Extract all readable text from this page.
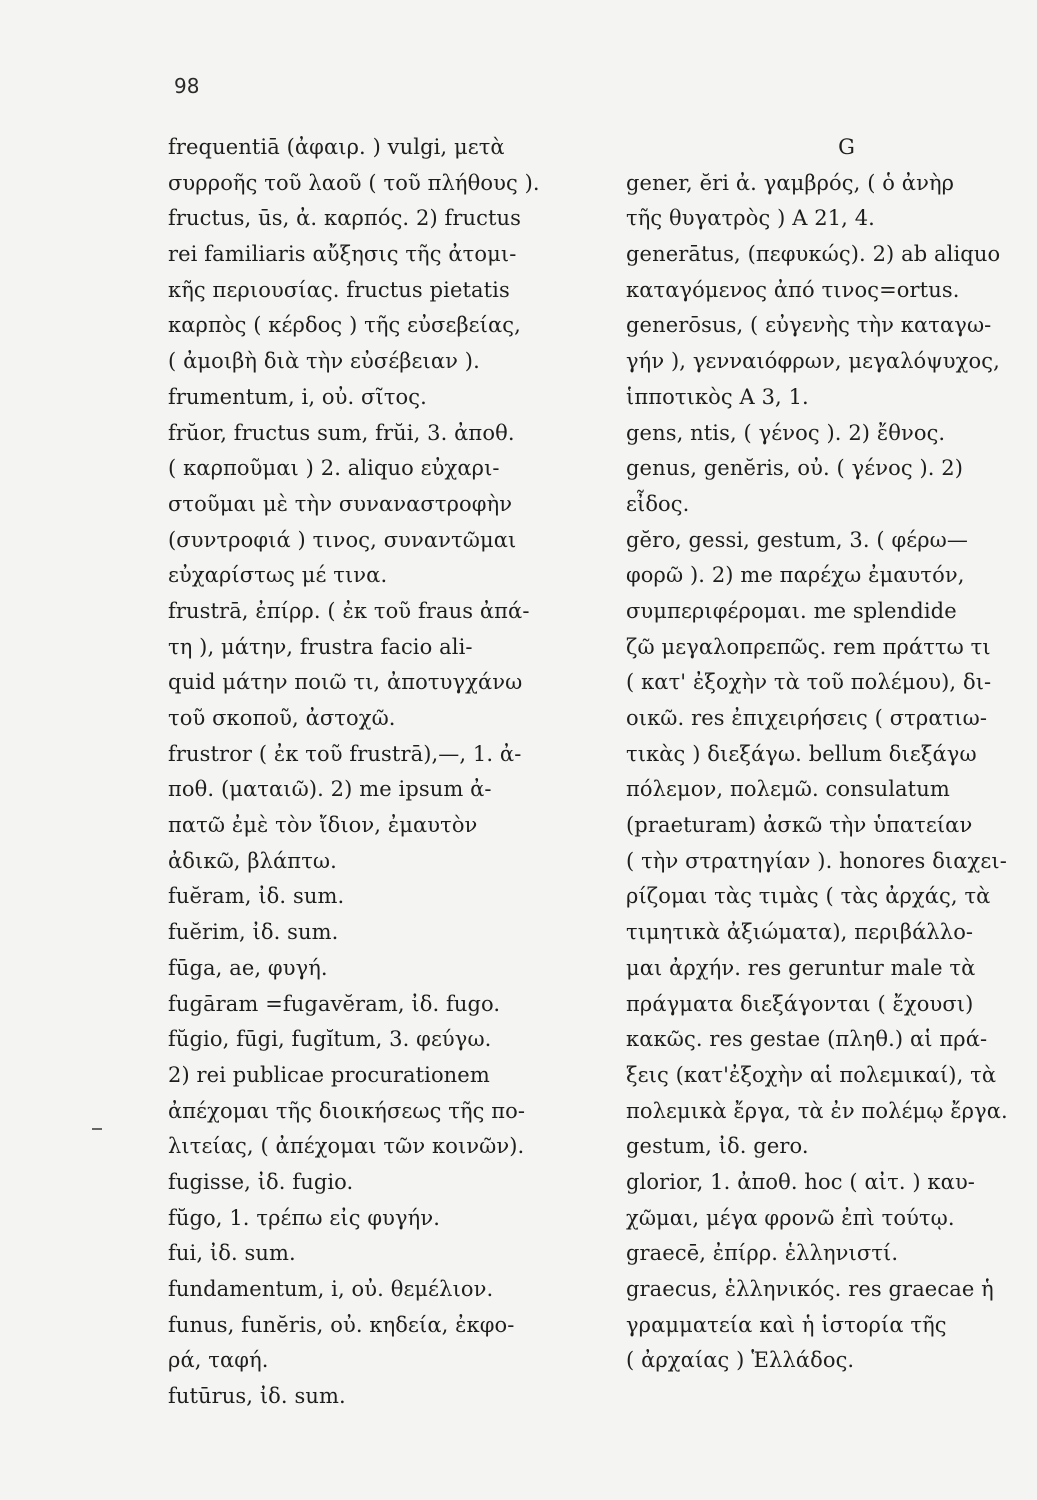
98
frequentiā (ἀφαιρ. ) vulgi, μετὰ
συρροῆς τοῦ λαοῦ ( τοῦ πλήθους ).
fructus, ūs, ἀ. καρπός. 2) fructus
rei familiaris αὔξησις τῆς ἀτομι-
κῆς περιουσίας. fructus pietatis
καρπὸς ( κέρδος ) τῆς εὐσεβείας,
( ἀμοιβὴ διὰ τὴν εὐσέβειαν ).
frumentum, i, οὐ. σῖτος.
frŭor, fructus sum, frŭi, 3. ἀποθ.
( καρποῦμαι ) 2. aliquo εὐχαρι-
στοῦμαι μὲ τὴν συναναστροφὴν
(συντροφιά ) τινος, συναντῶμαι
εὐχαρίστως μέ τινα.
frustrā, ἐπίρρ. ( ἐκ τοῦ fraus ἀπά-
τη ), μάτην, frustra facio ali-
quid μάτην ποιῶ τι, ἀποτυγχάνω
τοῦ σκοποῦ, ἀστοχῶ.
frustror ( ἐκ τοῦ frustrā),—, 1. ἀ-
ποθ. (ματαιῶ). 2) me ipsum ἀ-
πατῶ ἐμὲ τὸν ἴδιον, ἐμαυτὸν
ἀδικῶ, βλάπτω.
fuĕram, ἰδ. sum.
fuĕrim, ἰδ. sum.
fūga, ae, φυγή.
fugāram =fugavĕram, ἰδ. fugo.
fŭgio, fūgi, fugĭtum, 3. φεύγω.
2) rei publicae procurationem
ἀπέχομαι τῆς διοικήσεως τῆς πο-
λιτείας, ( ἀπέχομαι τῶν κοινῶν).
fugisse, ἰδ. fugio.
fŭgo, 1. τρέπω εἰς φυγήν.
fui, ἰδ. sum.
fundamentum, i, οὐ. θεμέλιον.
funus, funĕris, οὐ. κηδεία, ἐκφο-
ρά, ταφή.
futūrus, ἰδ. sum.
G
gener, ĕri ἀ. γαμβρός, ( ὁ ἀνὴρ
τῆς θυγατρὸς ) Α 21, 4.
generātus, (πεφυκώς). 2) ab aliquo
καταγόμενος ἀπό τινος=ortus.
generōsus, ( εὐγενὴς τὴν καταγω-
γήν ), γενναιόφρων, μεγαλόψυχος,
ἱπποτικὸς Α 3, 1.
gens, ntis, ( γένος ). 2) ἔθνος.
genus, genĕris, οὐ. ( γένος ). 2)
εἶδος.
gĕro, gessi, gestum, 3. ( φέρω—
φορῶ ). 2) me παρέχω ἐμαυτόν,
συμπεριφέρομαι. me splendide
ζῶ μεγαλοπρεπῶς. rem πράττω τι
( κατ' ἐξοχὴν τὰ τοῦ πολέμου), δι-
οικῶ. res ἐπιχειρήσεις ( στρατιω-
τικὰς ) διεξάγω. bellum διεξάγω
πόλεμον, πολεμῶ. consulatum
(praeturam) ἀσκῶ τὴν ὑπατείαν
( τὴν στρατηγίαν ). honores διαχει-
ρίζομαι τὰς τιμὰς ( τὰς ἀρχάς, τὰ
τιμητικὰ ἀξιώματα), περιβάλλο-
μαι ἀρχήν. res geruntur male τὰ
πράγματα διεξάγονται ( ἔχουσι)
κακῶς. res gestae (πληθ.) αἱ πρά-
ξεις (κατ'ἐξοχὴν αἱ πολεμικαί), τὰ
πολεμικὰ ἔργα, τὰ ἐν πολέμῳ ἔργα.
gestum, ἰδ. gero.
glorior, 1. ἀποθ. hoc ( αἰτ. ) καυ-
χῶμαι, μέγα φρονῶ ἐπὶ τούτῳ.
graecē, ἐπίρρ. ἑλληνιστί.
graecus, ἑλληνικός. res graecae ἡ
γραμματεία καὶ ἡ ἱστορία τῆς
( ἀρχαίας ) Ἑλλάδος.
